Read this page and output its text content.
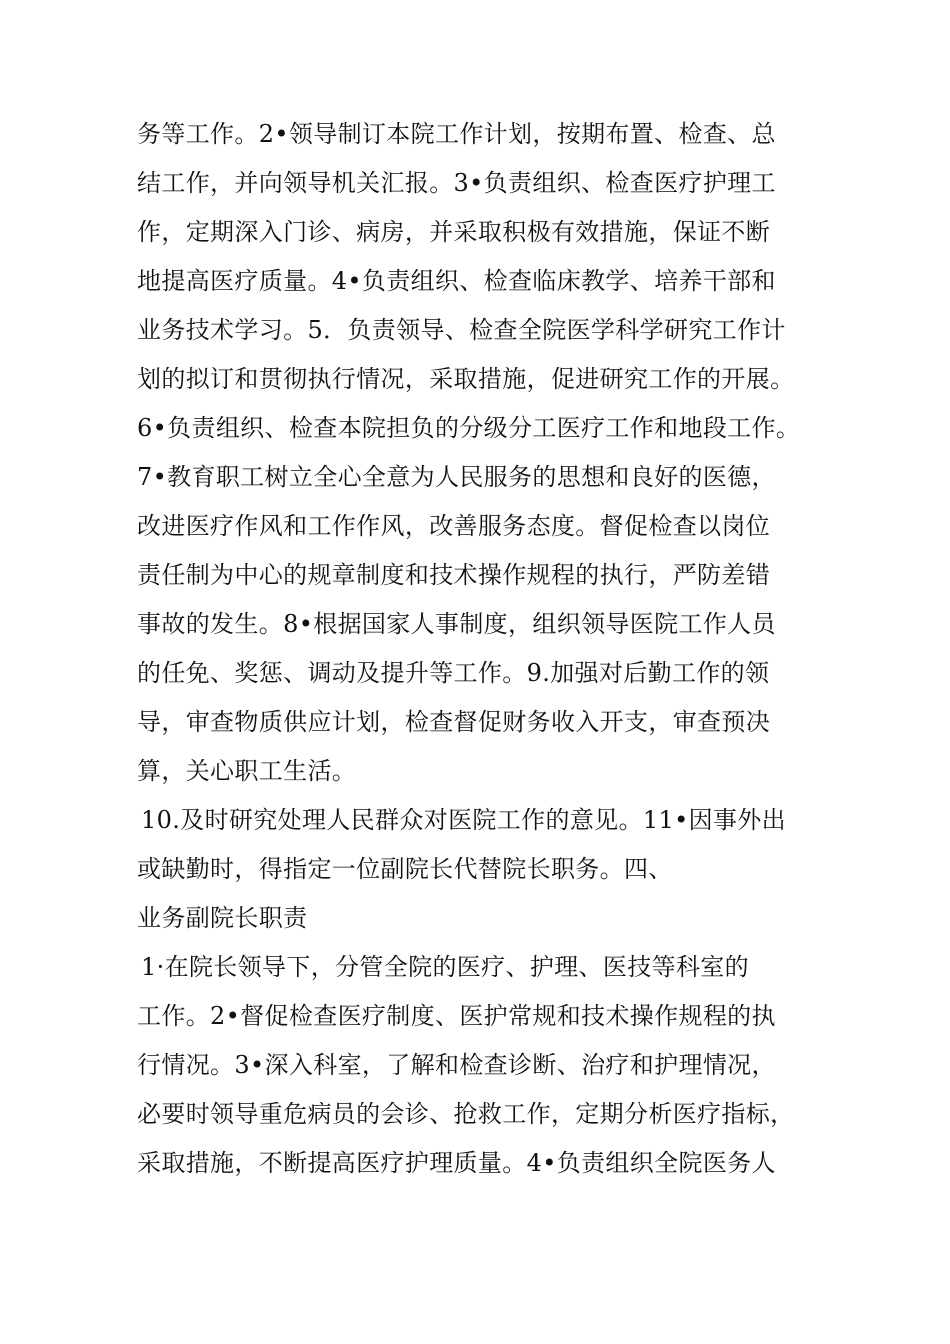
务等工作。2•领导制订本院工作计划，按期布置、检查、总
结工作，并向领导机关汇报。3•负责组织、检查医疗护理工
作，定期深入门诊、病房，并采取积极有效措施，保证不断
地提高医疗质量。4•负责组织、检查临床教学、培养干部和
业务技术学习。5．负责领导、检查全院医学科学研究工作计
划的拟订和贯彻执行情况，采取措施，促进研究工作的开展。
6•负责组织、检查本院担负的分级分工医疗工作和地段工作。
7•教育职工树立全心全意为人民服务的思想和良好的医德，
改进医疗作风和工作作风，改善服务态度。督促检查以岗位
责任制为中心的规章制度和技术操作规程的执行，严防差错
事故的发生。8•根据国家人事制度，组织领导医院工作人员
的任免、奖惩、调动及提升等工作。9.加强对后勤工作的领
导，审查物质供应计划，检查督促财务收入开支，审查预决
算，关心职工生活。
10.及时研究处理人民群众对医院工作的意见。11•因事外出
或缺勤时，得指定一位副院长代替院长职务。四、
业务副院长职责
1·在院长领导下，分管全院的医疗、护理、医技等科室的
工作。2•督促检查医疗制度、医护常规和技术操作规程的执
行情况。3•深入科室，了解和检查诊断、治疗和护理情况，
必要时领导重危病员的会诊、抢救工作，定期分析医疗指标，
采取措施，不断提高医疗护理质量。4•负责组织全院医务人
